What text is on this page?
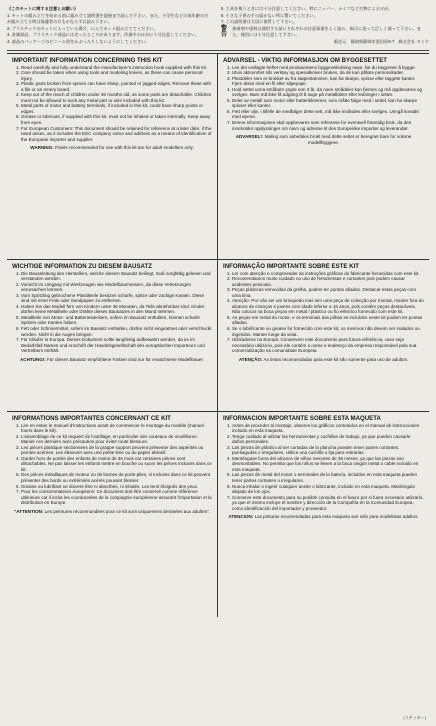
《このキットに関する注意とお願い》

1. キットの組み立てを始める前に組み立て説明書を最後まで読んで下さい。また、小学生などの低年齢の方が組み立てる時は保護者の方もかならずお読み下さい。

2. プラスチックのキットに入っている場合、にんでカット組み立ててください。

3. 金属部品、プラスチック部品には尖ったところがあります。作業中のけがに十分注意してください。

4. 部品のパッケージのビニール袋をかぶったりしないようにしてください。

5. 工具を使うときには十分注意してください。特にニッパー、ナイフなど刃物によるけが。

6. 小さな子供の手の届かない所に置いてください。

7. この説明書は大切に保管して下さい。

警告
接着剤や塗料は使用する前にそれぞれの注意事項をよく読み、指示に従って正しく使って下さい。また、使用には十分注意して下さい。

販売元　静岡県静岡市恩田原3-7　株式会社 タミヤ

IMPORTANT INFORMATION CONCERNING THIS KIT
1. Read carefully and fully understand the manufacturer's instruction book supplied with this kit.
2. Care should be taken when using tools and modeling knives, as these can cause personal injury.
3. Plastic parts broken from sprues can have sharp, pointed or jagged edges. Remove these with a file or an emery board.
4. Keep out of the reach of children under 36 months old, as some parts are detachable. Children must not be allowed to suck any metal part or wire included with this kit.
5. Metal parts of motor and battery terminals, if included in this kit, could have sharp points or edges.
6. Grease or lubricant, if supplied with this kit, must not be inhaled or taken internally. Keep away from eyes.
7. For European Customers: This document should be retained for reference at a later date, if the need arises, as it includes the EEC company name and address as a means of identification of the European importer and supplier.
WARNING: Paints recommended for use with this kit are for adult modellers only.
ADVARSEL - VIKTIG INFORMASJON OM BYGGESETTET
1. Les det vedlagte heftet med produsentens byggeveiledning nøye, før du begynner å bygge.
2. Utvis aktsomhet når verktøy og spesialkniver brukes, da de kan påføre personskader.
3. Plastdeler som er brukket av fra støpestammen, kan ha skarpe, spisse eller taggete kanter. Fjern disse med en fil eller slipepapir.
4. Hold settet unna småbarn yngre enn 3 år, da noen smådeler kan fjernes og må oppbevares og svelges. Barn må ikke få adgang til å suge på metalldeler eller ledninger i settet.
5. Deler av metall som motor eller batteriklemmer, som måtte følge med i settet, kan ha skarpe spisser eller kanter.
6. Fett eller olje, i tilfelle de medfølger dette sett, må ikke innåndes eller svelges. Unngå kontakt med øyene.
7. Denne informasjonen skal oppbevares som referanse for eventuell framtidig bruk, da den inneholder opplysninger om navn og adresse til den Europeiske importør og leverandør.
ADVARSEL!: Maling som anbefales brukt med dette settet er beregnet bare for voksne modellbyggere.
WICHTIGE INFORMATION ZU DIESEM BAUSATZ
1. Die Bauanleitung des Herstellers, welche diesem Bausatz beiliegt, muß sorgfältig gelesen und verstanden werden.
2. Vorsicht im Umgang mit Werkzeugen wie Modellbaumessern, da diese Verletzungen verursachen können.
3. Vom Spritzling gebrochene Plastikteile besitzen scharfe, spitze oder zackige Kanten. Diese sind mit einer Feile oder Sandpapier zu entfernen.
4. Halten Sie das Modell fern von Kindern unter 36 Monaten, da Teile abnehmbar sind. Kinder dürfen keine Metallteile oder Drähte dieses Bausatzes in den Mund nehmen.
5. Metallteile von Motor- und Batteriesteckern, sofern im Bausatz enthalten, können scharfe Spitzen oder Kanten haben.
6. Fett oder Schmiermittel, sofern im Bausatz enthalten, dürfen nicht eingeatmet oder verschluckt werden. Nicht in die Augen bringen.
7. Für Kläufer in Europa: Dieses Dokument sollte langfristig aufbewahrt werden, da es im Bedarfsfall Namen und Anschrift der Handelsgesellschaft des europäischen Importeurs und Vertreibers enthält.
ACHTUNG!: Für diesen Bausatz empfohlene Farben sind nur für erwachsene Modellbauer.
INFORMAÇÃO IMPORTANTE SOBRE ESTE KIT
1. Ler com atenção e compreender as instruções gráficas do fabricante fornecidas com este kit.
2. Recomendamos muito cuidado no uso de ferramentas e cortantes pois podem causar acidentes pessoais.
3. Peças plásticas removidas da grelha, podem ter pontas afiadas. Destacar estas peças com uma lima.
4. Atenção: Por não ser um brinquedo mas sim uma peça de colecção por montar, manter fora do alcance de crianças e jovens com idade inferior a 16 anos, pois contém peças destacáveis. Não colocar na boca peças em metal / plástico ou fio eléctrico fornecido com este kit.
5. As peças em metal do motor, e os terminais das pilhas se incluídos neste kit podem ter pontas afiadas.
6. Se o lubrificante ou grease for fornecido com este kit, os mesmos não devem ser inalados ou ingeridos. Manter longe da vista.
7. Utilizadores na Europa: Conservem este documento para futura referência, caso seja necessário utilizá-lo, pois ele contém o nome e endereço da empresa responsável pela sua comercialização na comunidade Europeia.
ATENÇÃO: As tintas recomendadas para este kit são somente para uso de adultos.
INFORMATIONS IMPORTANTES CONCERNANT CE KIT
1. Lire en entier le manuel d'instructions avant de commencer le montage du modèle (manuel fourni dans le kit).
2. L'assemblage de ce kit requiert de l'outillage, en particulier des couteaux de modélisme. Manier ces derniers avec précaution pour éviter toute blessure.
3. Les pièces plastique sectionnées de la grappe support peuvent présenter des aspérités ou pointes acérées. Les ébavurer avec une petite lime ou du papier abrasif.
4. Garder hors de portée des enfants de moins de 36 mois car certaines pièces sont détachables. Ne pas laisser les enfants mettre en bouche ou sucer les pièces incluses dans ce kit.
5. Des pièces métalliques de moteur ou de bornes de porte-piles, si incluses dans ce kit peuvent présenter des bords ou extrémités acérés pouvant blesser.
6. Graisse ou lubrifiant ne doivent être ni absorbés, ni inhalés. Les tenir éloignés des yeux.
7. Pour les consommateurs européens: Ce document doit être conservé comme référence ultérieure car il inclut les coordonnées de la compagnie européenne assurant l'importation et la distribution en Europe.
"ATTENTION: Les peintures recommandées pour ce kit sont uniquement destinées aux adultes".
INFORMACION IMPORTANTE SOBRE ESTA MAQUETA
1. Antes de proceder al montaje, observe los gráficos contenidos en el manual de instrucciones incluido en esta maqueta.
2. Tenga cuidado al utilizar las herramientas y cuchillas de trabajo, ya que pueden causarle daños personales.
3. Las piezas de plástico al ser cortadas de la plancha pueden tener partes cortantes, puntiagudas o irregulares. Utilice una cuchilla o lija para retirarlas.
4. Manténgase fuera del alcance de niños menores de 36 meses, ya que las piezas son desmontables. No permita que los niños se lleven a la boca ningún metal o cable incluido en esta maqueta.
5. Las piezas de metal del motor o terminales de la batería, incluidos en esta maqueta pueden tener partes cortantes o irregulares.
6. Nunca inhalar o ingerir cualquier aceite o lubricante, incluido en esta maqueta. Manténgalo alejado de los ojos.
7. Conserve este documento para su posible consulta en el futuro por si fuera necesario utilizarlo, ya que el mismo incluye el nombre y dirección de la Compañía en la Comunidad Europea, como identificación del importador y proveedor.
ATENCION: Las pinturas recomendadas para esta maqueta son sólo para modelistas adultos.
(ステッカー)
